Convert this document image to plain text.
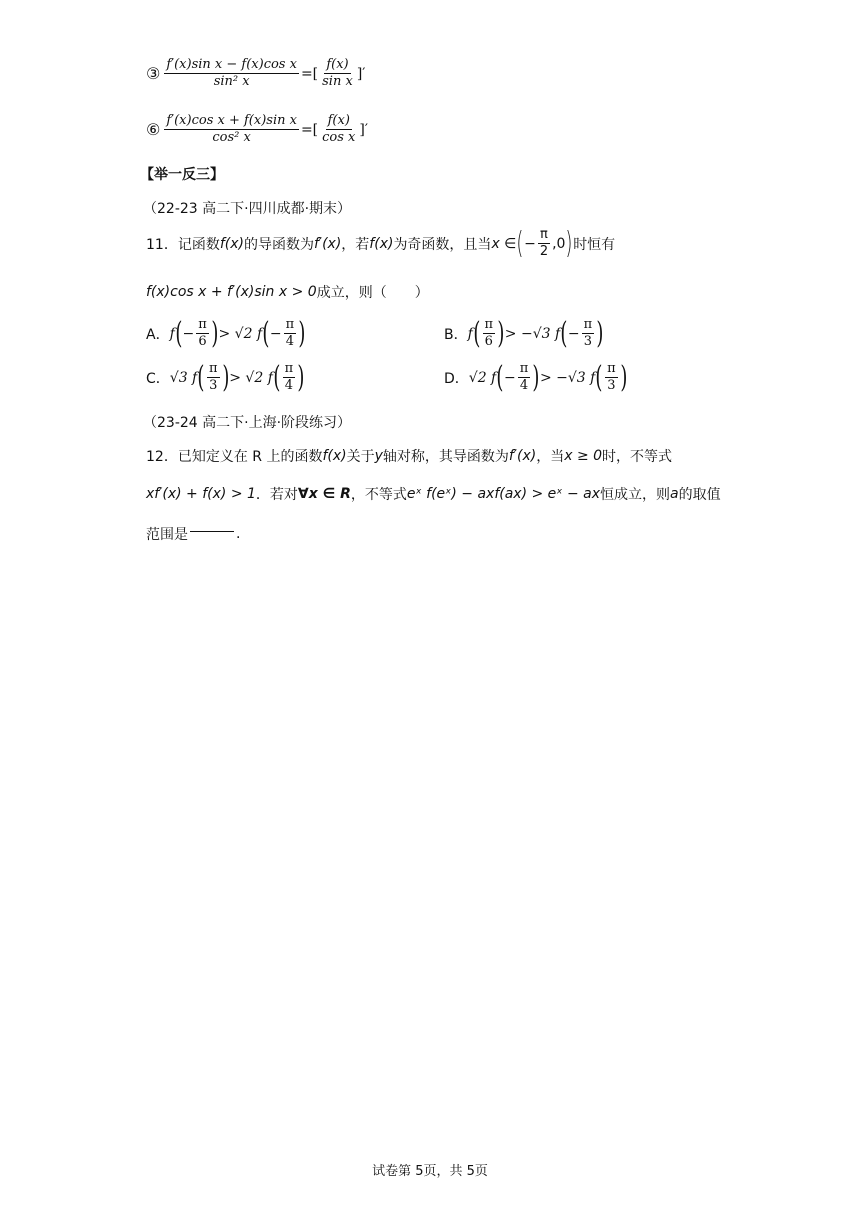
③ $\frac{\text{f′(x)sin x − f(x)cos x}}{\text{sin² x}}$ =[ $\frac{f(x)}{\text{sin x}}$ ]′
⑥ $\frac{\text{f′(x)cos x + f(x)sin x}}{\text{cos² x}}$ =[ $\frac{f(x)}{\text{cos x}}$ ]′
【举一反三】
（22-23 高二下·四川成都·期末）
11．记函数 f(x) 的导函数为 f′(x) ，若 f(x) 为奇函数，且当 x ∈ ( − $\frac{\pi}{2} ,0$ ) 时恒有
f(x)cos x + f′(x)sin x > 0 成立，则（　　）
A． f ( − $\frac{\pi}{6}$ ) > √2 f ( − $\frac{\pi}{4}$ )	B． f ( $\frac{\pi}{6}$ ) > −√3 f ( − $\frac{\pi}{3}$ )
C． √3 f ( $\frac{\pi}{3}$ ) > √2 f ( $\frac{\pi}{4}$ )	D． √2 f ( − $\frac{\pi}{4}$ ) > −√3 f ( $\frac{\pi}{3}$ )
（23-24 高二下·上海·阶段练习）
12．已知定义在 R 上的函数 f(x) 关于 y 轴对称，其导函数为 f′(x) ，当 x ≥ 0 时，不等式
xf′(x) + f(x) > 1 ．若对 ∀x ∈ R ，不等式 eˣ f(eˣ) − axf(ax) > eˣ − ax 恒成立，则 a 的取值
范围是	.
试卷第 5页，共 5页
